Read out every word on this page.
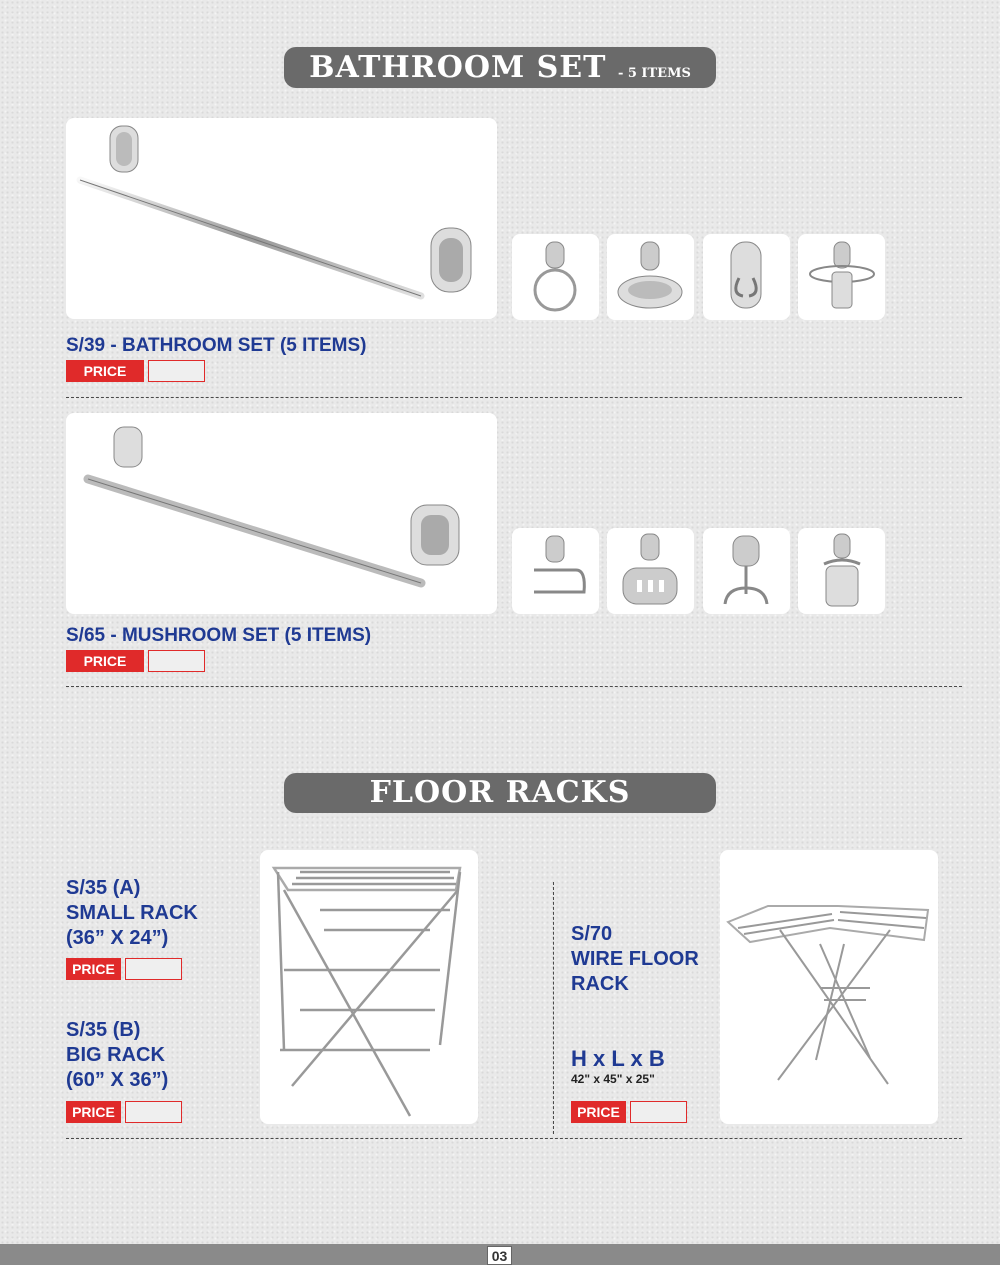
BATHROOM SET - 5 ITEMS
S/39 - BATHROOM SET (5 ITEMS)
PRICE
S/65 - MUSHROOM SET (5 ITEMS)
PRICE
FLOOR RACKS
S/35 (A)
SMALL RACK
(36” X 24”)
PRICE
S/35 (B)
BIG RACK
(60” X 36”)
PRICE
S/70
WIRE FLOOR
RACK
H x L x B
42" x 45" x 25"
PRICE
03
